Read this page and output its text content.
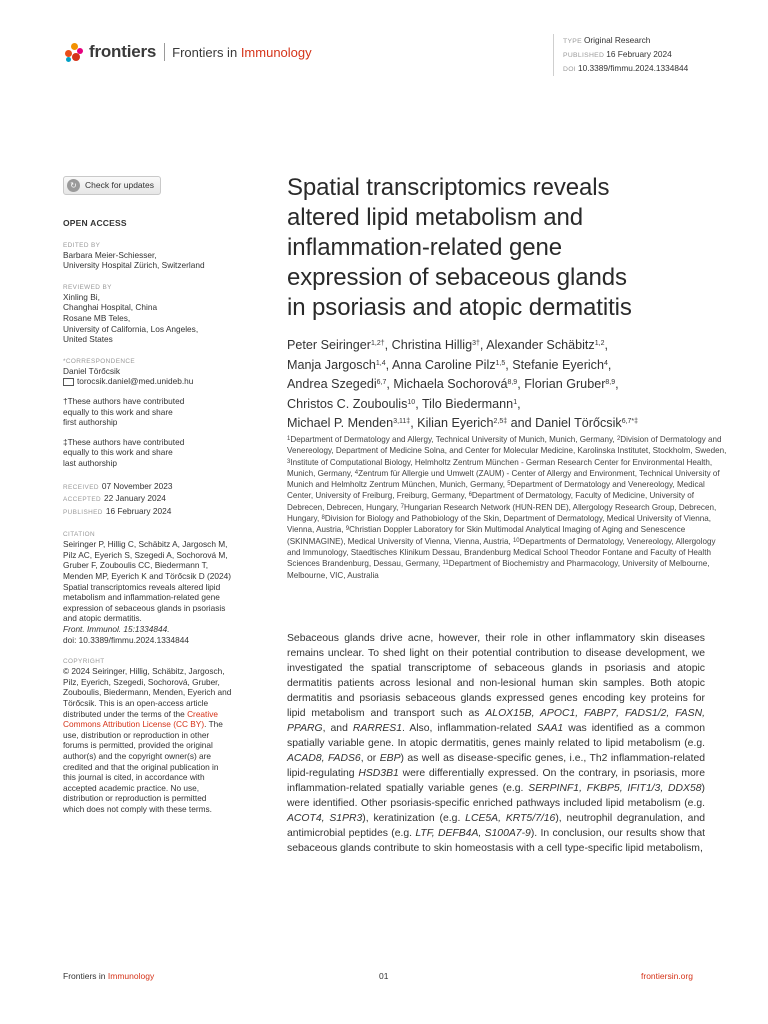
frontiers Frontiers in Immunology
TYPE Original Research
PUBLISHED 16 February 2024
DOI 10.3389/fimmu.2024.1334844
↻ Check for updates
OPEN ACCESS
EDITED BY
Barbara Meier-Schiesser,
University Hospital Zürich, Switzerland
REVIEWED BY
Xinling Bi,
Changhai Hospital, China
Rosane MB Teles,
University of California, Los Angeles,
United States
*CORRESPONDENCE
Daniel Törőcsik
torocsik.daniel@med.unideb.hu
†These authors have contributed
equally to this work and share
first authorship
‡These authors have contributed
equally to this work and share
last authorship
RECEIVED 07 November 2023
ACCEPTED 22 January 2024
PUBLISHED 16 February 2024
CITATION
Seiringer P, Hillig C, Schäbitz A, Jargosch M,
Pilz AC, Eyerich S, Szegedi A, Sochorová M,
Gruber F, Zouboulis CC, Biedermann T,
Menden MP, Eyerich K and Törőcsik D (2024)
Spatial transcriptomics reveals altered lipid
metabolism and inflammation-related gene
expression of sebaceous glands in psoriasis
and atopic dermatitis.
Front. Immunol. 15:1334844.
doi: 10.3389/fimmu.2024.1334844
COPYRIGHT
© 2024 Seiringer, Hillig, Schäbitz, Jargosch,
Pilz, Eyerich, Szegedi, Sochorová, Gruber,
Zouboulis, Biedermann, Menden, Eyerich and
Törőcsik. This is an open-access article
distributed under the terms of the Creative
Commons Attribution License (CC BY). The
use, distribution or reproduction in other
forums is permitted, provided the original
author(s) and the copyright owner(s) are
credited and that the original publication in
this journal is cited, in accordance with
accepted academic practice. No use,
distribution or reproduction is permitted
which does not comply with these terms.
Spatial transcriptomics reveals
altered lipid metabolism and
inflammation-related gene
expression of sebaceous glands
in psoriasis and atopic dermatitis
Peter Seiringer$^{1,2\dagger}$, Christina Hillig$^{3\dagger}$, Alexander Schäbitz$^{1,2}$,
Manja Jargosch$^{1,4}$, Anna Caroline Pilz$^{1,5}$, Stefanie Eyerich$^4$,
Andrea Szegedi$^{6,7}$, Michaela Sochorová$^{8,9}$, Florian Gruber$^{8,9}$,
Christos C. Zouboulis$^{10}$, Tilo Biedermann$^1$,
Michael P. Menden$^{3,11\ddagger}$, Kilian Eyerich$^{2,5\ddagger}$ and Daniel Törőcsik$^{6,7*\ddagger}$
$^1$Department of Dermatology and Allergy, Technical University of Munich, Munich, Germany, $^2$Division of Dermatology and Venereology, Department of Medicine Solna, and Center for Molecular Medicine, Karolinska Institutet, Stockholm, Sweden, $^3$Institute of Computational Biology, Helmholtz Zentrum München - German Research Center for Environmental Health, Munich, Germany, $^4$Zentrum für Allergie und Umwelt (ZAUM) - Center of Allergy and Environment, Technical University of Munich and Helmholtz Zentrum München, Munich, Germany, $^5$Department of Dermatology and Venereology, Medical Center, University of Freiburg, Freiburg, Germany, $^6$Department of Dermatology, Faculty of Medicine, University of Debrecen, Debrecen, Hungary, $^7$Hungarian Research Network (HUN-REN DE), Allergology Research Group, Debrecen, Hungary, $^8$Division for Biology and Pathobiology of the Skin, Department of Dermatology, Medical University of Vienna, Vienna, Austria, $^9$Christian Doppler Laboratory for Skin Multimodal Analytical Imaging of Aging and Senescence (SKINMAGINE), Medical University of Vienna, Vienna, Austria, $^{10}$Departments of Dermatology, Venereology, Allergology and Immunology, Staedtisches Klinikum Dessau, Brandenburg Medical School Theodor Fontane and Faculty of Health Sciences Brandenburg, Dessau, Germany, $^{11}$Department of Biochemistry and Pharmacology, University of Melbourne, Melbourne, VIC, Australia
Sebaceous glands drive acne, however, their role in other inflammatory skin diseases remains unclear. To shed light on their potential contribution to disease development, we investigated the spatial transcriptome of sebaceous glands in psoriasis and atopic dermatitis patients across lesional and non-lesional human skin samples. Both atopic dermatitis and psoriasis sebaceous glands expressed genes encoding key proteins for lipid metabolism and transport such as ALOX15B, APOC1, FABP7, FADS1/2, FASN, PPARG, and RARRES1. Also, inflammation-related SAA1 was identified as a common spatially variable gene. In atopic dermatitis, genes mainly related to lipid metabolism (e.g. ACAD8, FADS6, or EBP) as well as disease-specific genes, i.e., Th2 inflammation-related lipid-regulating HSD3B1 were differentially expressed. On the contrary, in psoriasis, more inflammation-related spatially variable genes (e.g. SERPINF1, FKBP5, IFIT1/3, DDX58) were identified. Other psoriasis-specific enriched pathways included lipid metabolism (e.g. ACOT4, S1PR3), keratinization (e.g. LCE5A, KRT5/7/16), neutrophil degranulation, and antimicrobial peptides (e.g. LTF, DEFB4A, S100A7-9). In conclusion, our results show that sebaceous glands contribute to skin homeostasis with a cell type-specific lipid metabolism,
Frontiers in Immunology	01	frontiersin.org
